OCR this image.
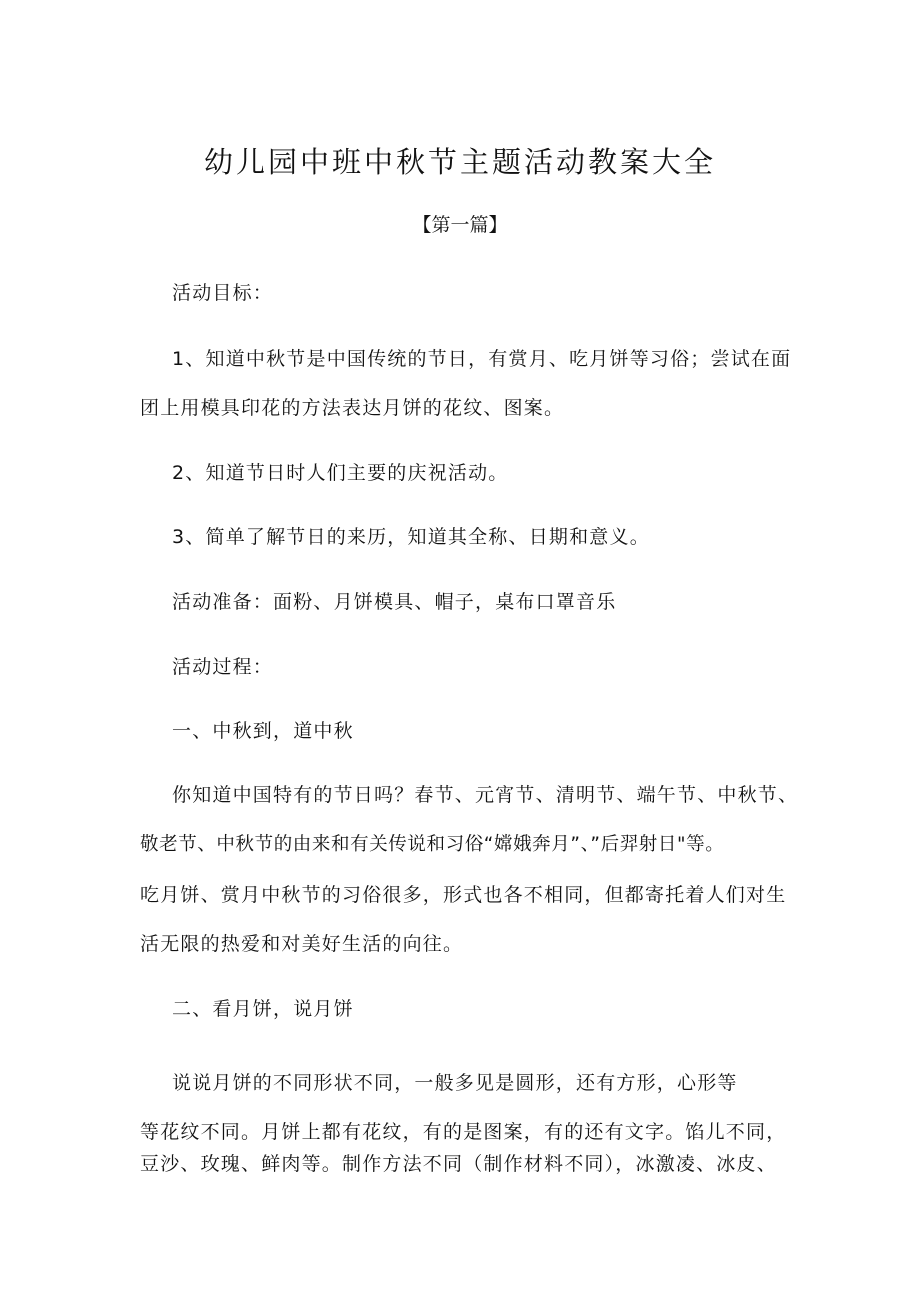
幼儿园中班中秋节主题活动教案大全
【第一篇】

活动目标：

1、知道中秋节是中国传统的节日，有赏月、吃月饼等习俗；尝试在面

团上用模具印花的方法表达月饼的花纹、图案。

2、知道节日时人们主要的庆祝活动。

3、简单了解节日的来历，知道其全称、日期和意义。

活动准备：面粉、月饼模具、帽子，桌布口罩音乐

活动过程：

一、中秋到，道中秋

你知道中国特有的节日吗？春节、元宵节、清明节、端午节、中秋节、

敬老节、中秋节的由来和有关传说和习俗“嫦娥奔月”、”后羿射日"等。

吃月饼、赏月中秋节的习俗很多，形式也各不相同，但都寄托着人们对生

活无限的热爱和对美好生活的向往。

二、看月饼，说月饼

说说月饼的不同形状不同，一般多见是圆形，还有方形，心形等

等花纹不同。月饼上都有花纹，有的是图案，有的还有文字。馅儿不同，

豆沙、玫瑰、鲜肉等。制作方法不同（制作材料不同），冰激凌、冰皮、
